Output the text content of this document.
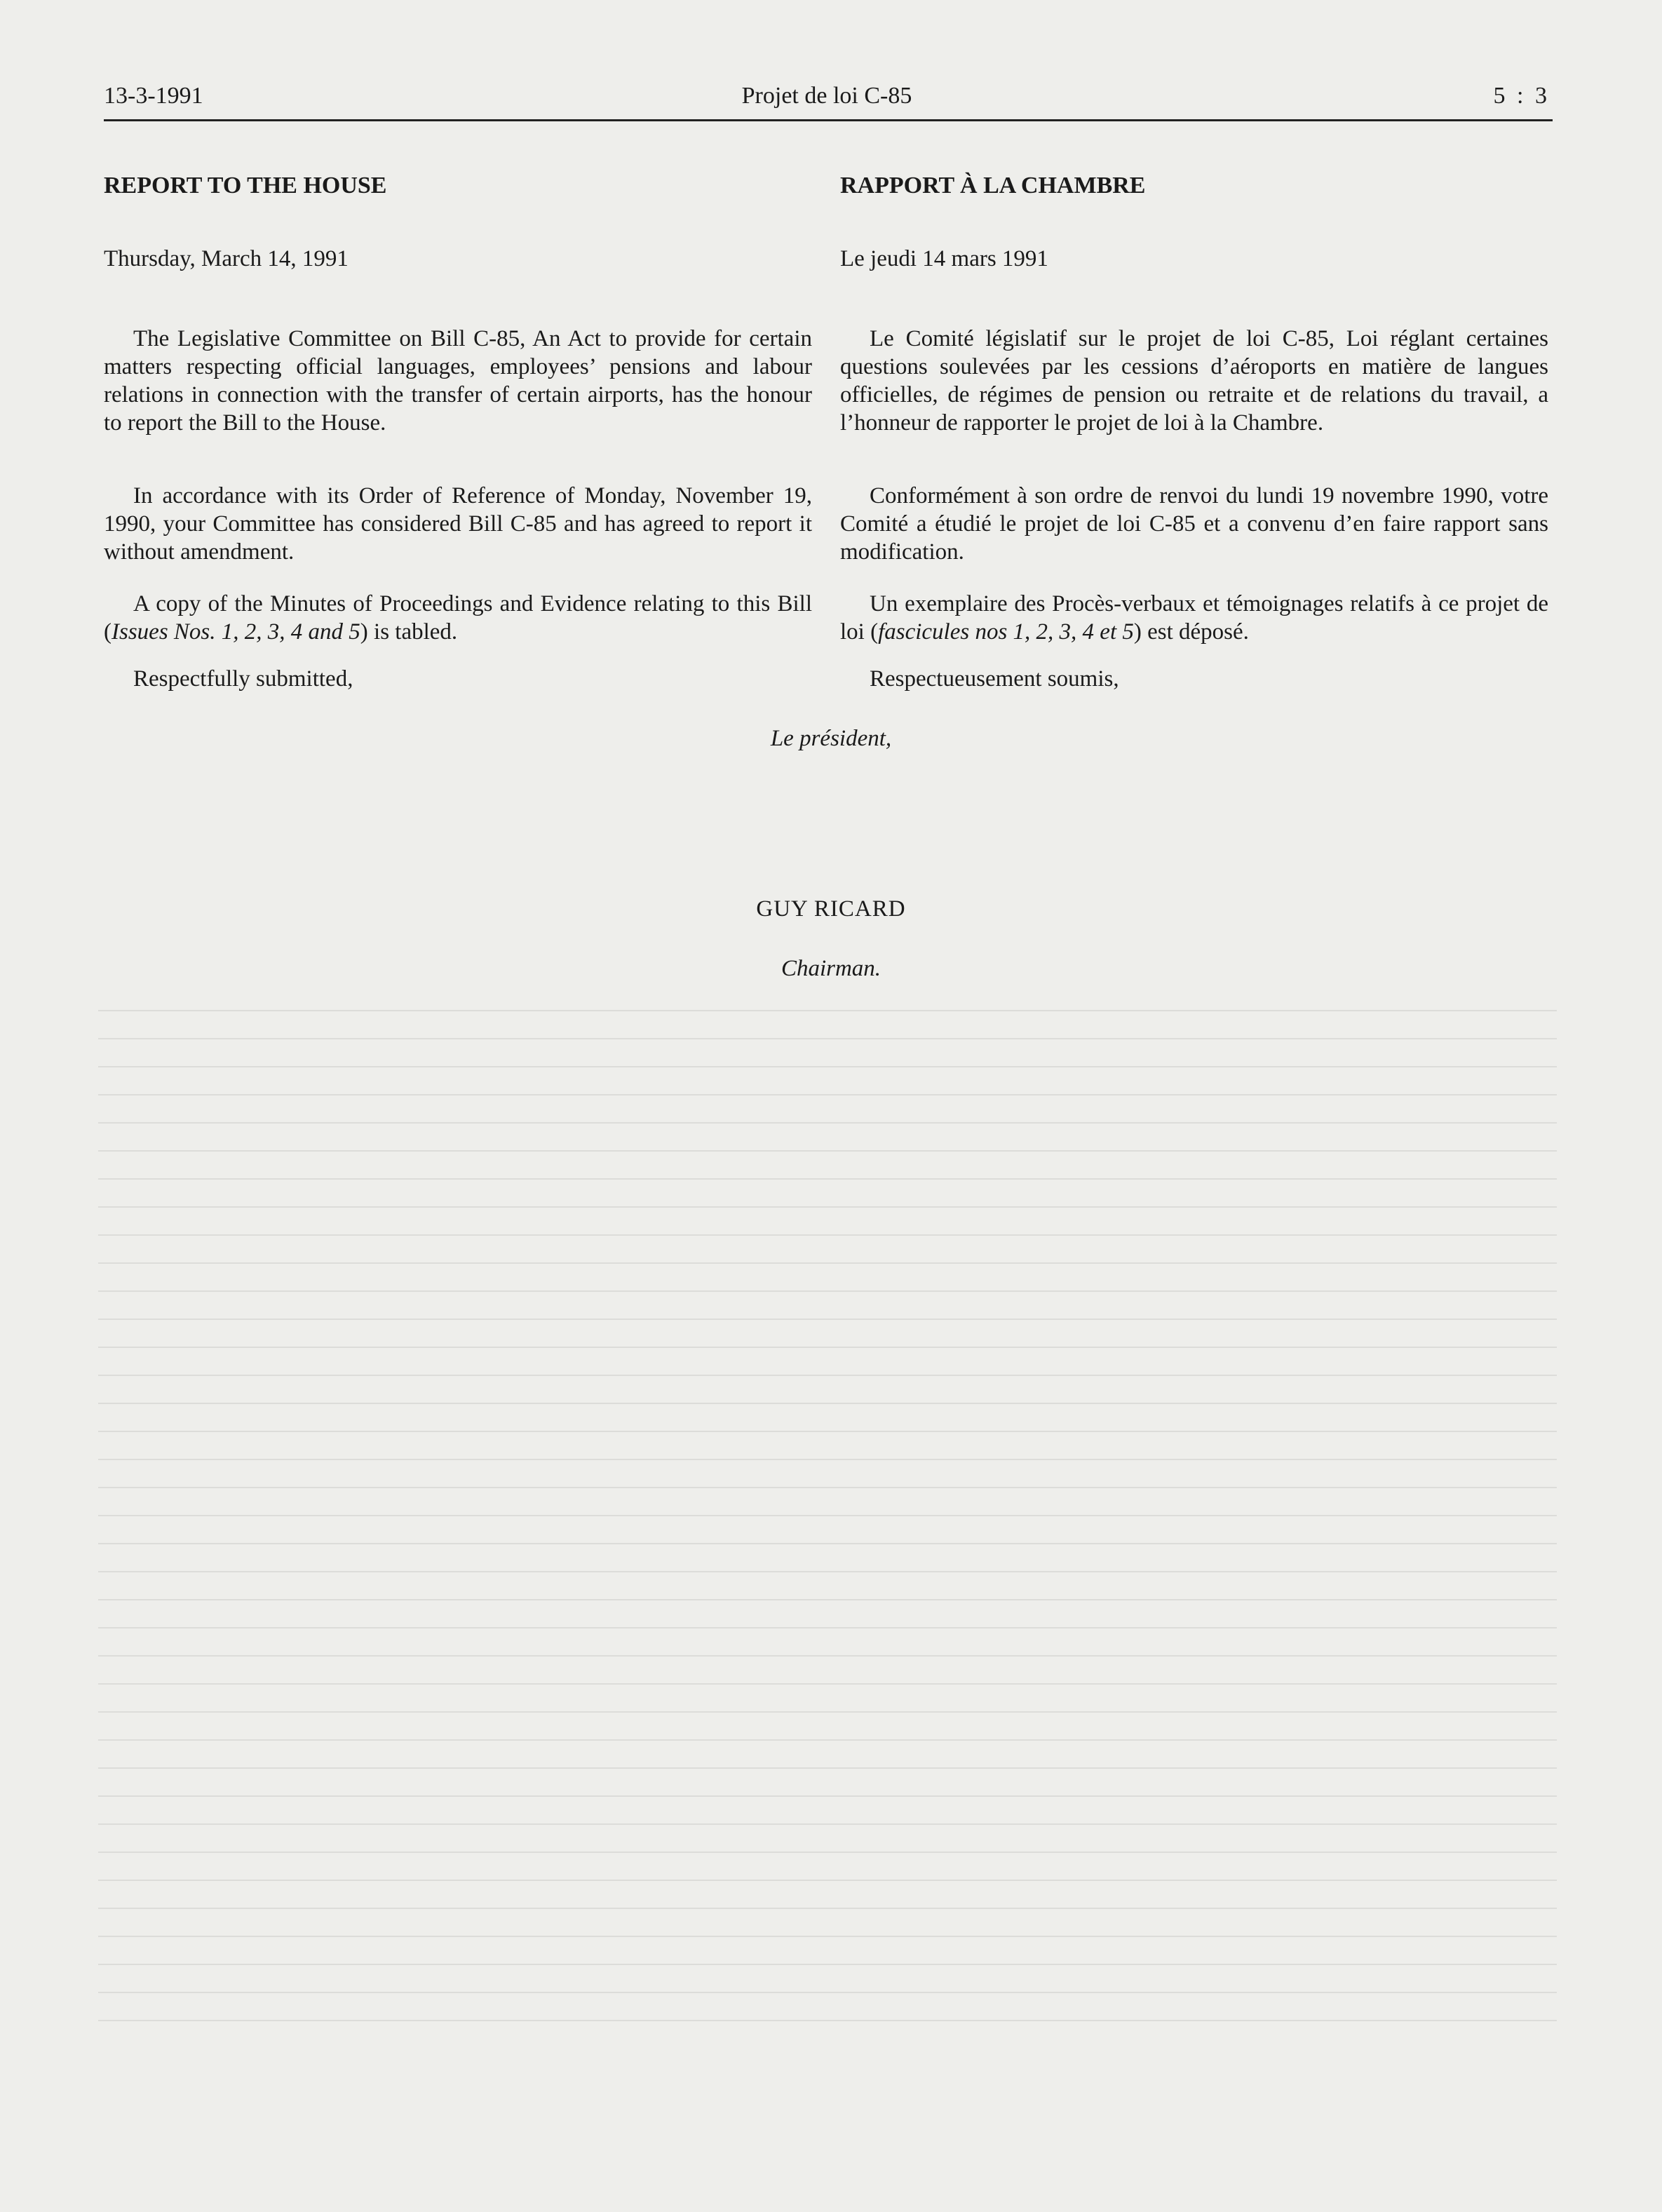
13-3-1991	Projet de loi C-85	5 : 3
REPORT TO THE HOUSE

Thursday, March 14, 1991

The Legislative Committee on Bill C-85, An Act to provide for certain matters respecting official languages, employees’ pensions and labour relations in connection with the transfer of certain airports, has the honour to report the Bill to the House.

In accordance with its Order of Reference of Monday, November 19, 1990, your Committee has considered Bill C-85 and has agreed to report it without amendment.

A copy of the Minutes of Proceedings and Evidence relating to this Bill (Issues Nos. 1, 2, 3, 4 and 5) is tabled.

Respectfully submitted,

RAPPORT À LA CHAMBRE

Le jeudi 14 mars 1991

Le Comité législatif sur le projet de loi C-85, Loi réglant certaines questions soulevées par les cessions d’aéroports en matière de langues officielles, de régimes de pension ou retraite et de relations du travail, a l’honneur de rapporter le projet de loi à la Chambre.

Conformément à son ordre de renvoi du lundi 19 novembre 1990, votre Comité a étudié le projet de loi C-85 et a convenu d’en faire rapport sans modification.

Un exemplaire des Procès-verbaux et témoignages relatifs à ce projet de loi (fascicules nos 1, 2, 3, 4 et 5) est déposé.

Respectueusement soumis,

Le président,
GUY RICARD
Chairman.
